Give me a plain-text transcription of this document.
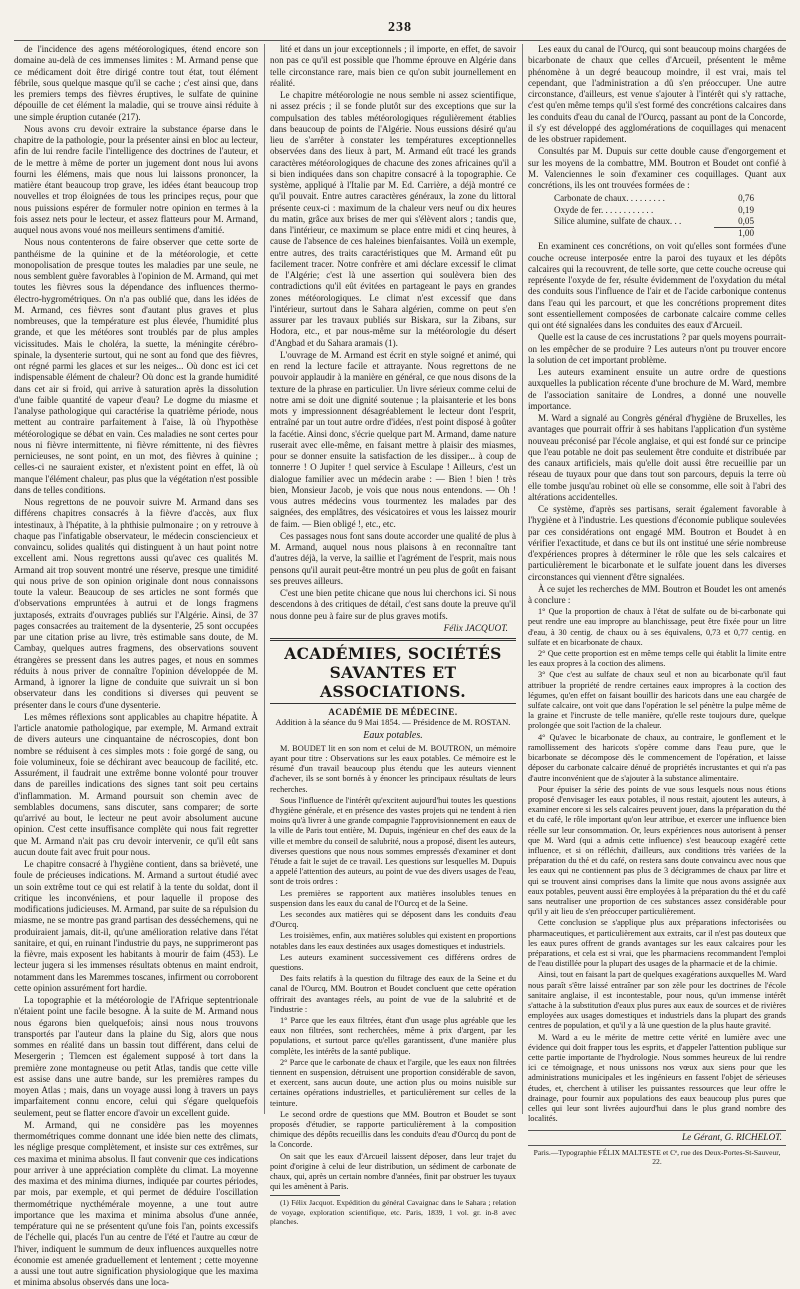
238

de l'incidence des agens météorologiques, étend encore son domaine au-delà de ces immenses limites : M. Armand pense que ce médicament doit être dirigé contre tout état, tout élément fébrile, sous quelque masque qu'il se cache ; c'est ainsi que, dans les premiers temps des fièvres éruptives, le sulfate de quinine dépouille de cet élément la maladie, qui se trouve ainsi réduite à une simple éruption cutanée (217).

Nous avons cru devoir extraire la substance éparse dans le chapitre de la pathologie, pour la présenter ainsi en bloc au lecteur, afin de lui rendre facile l'intelligence des doctrines de l'auteur, et de le mettre à même de porter un jugement dont nous lui avons fourni les élémens, mais que nous lui laissons prononcer, la matière étant beaucoup trop grave, les idées étant beaucoup trop nouvelles et trop éloignées de tous les principes reçus, pour que nous puissions espérer de formuler notre opinion en termes à la fois assez nets pour le lecteur, et assez flatteurs pour M. Armand, auquel nous avons voué nos meilleurs sentimens d'amitié.

Nous nous contenterons de faire observer que cette sorte de panthéisme de la quinine et de la météorologie, et cette monopolisation de presque toutes les maladies par une seule, ne nous semblent guère favorables à l'opinion de M. Armand, qui met toutes les fièvres sous la dépendance des influences thermo-électro-hygrométriques. On n'a pas oublié que, dans les idées de M. Armand, ces fièvres sont d'autant plus graves et plus nombreuses, que la température est plus élevée, l'humidité plus grande, et que les météores sont troublés par de plus amples vicissitudes. Mais le choléra, la suette, la méningite cérébro-spinale, la dysenterie surtout, qui ne sont au fond que des fièvres, ont régné parmi les glaces et sur les neiges... Où donc est ici cet indispensable élément de chaleur? Où donc est la grande humidité dans cet air si froid, qui arrive à saturation après la dissolution d'une faible quantité de vapeur d'eau? Le dogme du miasme et l'analyse pathologique qui caractérise la quatrième période, nous mettent au contraire parfaitement à l'aise, là où l'hypothèse météorologique se débat en vain. Ces maladies ne sont certes pour nous ni fièvre intermittente, ni fièvre rémittente, ni des fièvres pernicieuses, ne sont point, en un mot, des fièvres à quinine ; celles-ci ne sauraient exister, et n'existent point en effet, là où manque l'élément chaleur, pas plus que la végétation n'est possible dans de telles conditions.

Nous regrettons de ne pouvoir suivre M. Armand dans ses différens chapitres consacrés à la fièvre d'accès, aux flux intestinaux, à l'hépatite, à la phthisie pulmonaire ; on y retrouve à chaque pas l'infatigable observateur, le médecin consciencieux et convaincu, solides qualités qui distinguent à un haut point notre excellent ami. Nous regrettons aussi qu'avec ces qualités M. Armand ait trop souvent montré une réserve, presque une timidité qui nous prive de son opinion originale dont nous connaissons toute la valeur. Beaucoup de ses articles ne sont formés que d'observations empruntées à autrui et de longs fragmens juxtaposés, extraits d'ouvrages publiés sur l'Algérie. Ainsi, de 37 pages consacrées au traitement de la dysenterie, 25 sont occupées par une citation prise au livre, très estimable sans doute, de M. Cambay, quelques autres fragmens, des observations souvent étrangères se pressent dans les autres pages, et nous en sommes réduits à nous priver de connaître l'opinion développée de M. Armand, à ignorer la ligne de conduite que suivrait un si bon observateur dans les conditions si diverses qui peuvent se présenter dans le cours d'une dysenterie.

Les mêmes réflexions sont applicables au chapitre hépatite. À l'article anatomie pathologique, par exemple, M. Armand extrait de divers auteurs une cinquantaine de nécroscopies, dont bon nombre se réduisent à ces simples mots : foie gorgé de sang, ou foie volumineux, foie se déchirant avec beaucoup de facilité, etc. Assurément, il faudrait une extrême bonne volonté pour trouver dans de pareilles indications des signes tant soit peu certains d'inflammation. M. Armand poursuit son chemin avec de semblables documens, sans discuter, sans comparer; de sorte qu'arrivé au bout, le lecteur ne peut avoir absolument aucune opinion. C'est cette insuffisance complète qui nous fait regretter que M. Armand n'ait pas cru devoir intervenir, ce qu'il eût sans aucun doute fait avec fruit pour nous.

Le chapitre consacré à l'hygiène contient, dans sa brièveté, une foule de précieuses indications. M. Armand a surtout étudié avec un soin extrême tout ce qui est relatif à la tente du soldat, dont il critique les inconvéniens, et pour laquelle il propose des modifications judicieuses. M. Armand, par suite de sa répulsion du miasme, ne se montre pas grand partisan des desséchemens, qui ne produiraient jamais, dit-il, qu'une amélioration relative dans l'état sanitaire, et qui, en ruinant l'industrie du pays, ne supprimeront pas la fièvre, mais exposent les habitants à mourir de faim (453). Le lecteur jugera si les immenses résultats obtenus en maint endroit, notamment dans les Maremmes toscanes, infirment ou corroborent cette opinion assurément fort hardie.

La topographie et la météorologie de l'Afrique septentrionale n'étaient point une facile besogne. À la suite de M. Armand nous nous égarons bien quelquefois; ainsi nous nous trouvons transportés par l'auteur dans la plaine du Sig, alors que nous sommes en réalité dans un bassin tout différent, dans celui de Mesergerin ; Tlemcen est également supposé à tort dans la première zone montagneuse ou petit Atlas, tandis que cette ville est assise dans une autre bande, sur les premières rampes du moyen Atlas ; mais, dans un voyage aussi long à travers un pays imparfaitement connu encore, celui qui s'égare quelquefois seulement, peut se flatter encore d'avoir un excellent guide.

M. Armand, qui ne considère pas les moyennes thermométriques comme donnant une idée bien nette des climats, les néglige presque complètement, et insiste sur ces extrêmes, sur ces maxima et minima absolus. Il faut convenir que ces indications pour arriver à une appréciation complète du climat. La moyenne des maxima et des minima diurnes, indiquée par courtes périodes, par mois, par exemple, et qui permet de déduire l'oscillation thermométrique nycthémérale moyenne, a une tout autre importance que les maxima et minima absolus d'une année, température qui ne se présentent qu'une fois l'an, points excessifs de l'échelle qui, placés l'un au centre de l'été et l'autre au cœur de l'hiver, indiquent le summum de deux influences auxquelles notre économie est amenée graduellement et lentement ; cette moyenne a aussi une tout autre signification physiologique que les maxima et minima absolus observés dans une loca-

lité et dans un jour exceptionnels ; il importe, en effet, de savoir non pas ce qu'il est possible que l'homme éprouve en Algérie dans telle circonstance rare, mais bien ce qu'on subit journellement en réalité.

Le chapitre météorologie ne nous semble ni assez scientifique, ni assez précis ; il se fonde plutôt sur des exceptions que sur la compulsation des tables météorologiques régulièrement établies dans beaucoup de points de l'Algérie. Nous eussions désiré qu'au lieu de s'arrêter à constater les températures exceptionnelles observées dans des lieux à part, M. Armand eût tracé les grands caractères météorologiques de chacune des zones africaines qu'il a si bien indiquées dans son chapitre consacré à la topographie. Ce système, appliqué à l'Italie par M. Ed. Carrière, a déjà montré ce qu'il pouvait. Entre autres caractères généraux, la zone du littoral présente ceux-ci : maximum de la chaleur vers neuf ou dix heures du matin, grâce aux brises de mer qui s'élèvent alors ; tandis que, dans l'intérieur, ce maximum se place entre midi et cinq heures, à cause de l'absence de ces haleines bienfaisantes. Voilà un exemple, entre autres, des traits caractéristiques que M. Armand eût pu facilement tracer. Notre confrère et ami déclare excessif le climat de l'Algérie; c'est là une assertion qui soulèvera bien des contradictions qu'il eût évitées en partageant le pays en grandes zones météorologiques. Le climat n'est excessif que dans l'intérieur, surtout dans le Sahara algérien, comme on peut s'en assurer par les travaux publiés sur Biskara, sur la Zibans, sur Hodora, etc., et par nous-même sur la météorologie du désert d'Angbad et du Sahara aramais (1).

L'ouvrage de M. Armand est écrit en style soigné et animé, qui en rend la lecture facile et attrayante. Nous regrettons de ne pouvoir applaudir à la manière en général, ce que nous disons de la texture de la phrase en particulier. Un livre sérieux comme celui de notre ami se doit une dignité soutenue ; la plaisanterie et les bons mots y impressionnent désagréablement le lecteur dont l'esprit, entraîné par un tout autre ordre d'idées, n'est point disposé à goûter la facétie. Ainsi donc, s'écrie quelque part M. Armand, dame nature ruserait avec elle-même, en faisant mettre à plaisir des miasmes, pour se donner ensuite la satisfaction de les dissiper... à coup de tonnerre ! O Jupiter ! quel service à Esculape ! Ailleurs, c'est un dialogue familier avec un médecin arabe : — Bien ! bien ! très bien, Monsieur Jacob, je vois que nous nous entendons. — Oh ! vous autres médecins vous tourmentez les malades par des saignées, des emplâtres, des vésicatoires et vous les laissez mourir de faim. — Bien obligé !, etc., etc.

Ces passages nous font sans doute accorder une qualité de plus à M. Armand, auquel nous nous plaisons à en reconnaître tant d'autres déjà, la verve, la saillie et l'agrément de l'esprit, mais nous pensons qu'il aurait peut-être montré un peu plus de goût en faisant ses preuves ailleurs.

C'est une bien petite chicane que nous lui cherchons ici. Si nous descendons à des critiques de détail, c'est sans doute la preuve qu'il nous donne peu à faire sur de plus graves motifs.

Félix JACQUOT.
ACADÉMIES, SOCIÉTÉS SAVANTES ET ASSOCIATIONS.
ACADÉMIE DE MÉDECINE.
Addition à la séance du 9 Mai 1854. — Présidence de M. ROSTAN.
Eaux potables.

M. BOUDET lit en son nom et celui de M. BOUTRON, un mémoire ayant pour titre : Observations sur les eaux potables. Ce mémoire est le résumé d'un travail beaucoup plus étendu que les auteurs viennent d'achever, ils se sont bornés à y énoncer les principaux résultats de leurs recherches.

Sous l'influence de l'intérêt qu'excitent aujourd'hui toutes les questions d'hygiène générale, et en présence des vastes projets qui ne tendent à rien moins qu'à livrer à une grande compagnie l'approvisionnement en eaux de la ville de Paris tout entière, M. Dupuis, ingénieur en chef des eaux de la ville et membre du conseil de salubrité, nous a proposé, disent les auteurs, diverses questions que nous nous sommes empressés d'examiner et dont l'étude a fait le sujet de ce travail. Les questions sur lesquelles M. Dupuis a appelé l'attention des auteurs, au point de vue des divers usages de l'eau, sont de trois ordres :

Les premières se rapportent aux matières insolubles tenues en suspension dans les eaux du canal de l'Ourcq et de la Seine.

Les secondes aux matières qui se déposent dans les conduits d'eau d'Ourcq.

Les troisièmes, enfin, aux matières solubles qui existent en proportions notables dans les eaux destinées aux usages domestiques et industriels.

Les auteurs examinent successivement ces différens ordres de questions.

Des faits relatifs à la question du filtrage des eaux de la Seine et du canal de l'Ourcq, MM. Boutron et Boudet concluent que cette opération offrirait des avantages réels, au point de vue de la salubrité et de l'industrie :

1° Parce que les eaux filtrées, étant d'un usage plus agréable que les eaux non filtrées, sont recherchées, même à prix d'argent, par les populations, et surtout parce qu'elles garantissent, d'une manière plus complète, les intérêts de la santé publique.

2° Parce que le carbonate de chaux et l'argile, que les eaux non filtrées tiennent en suspension, détruisent une proportion considérable de savon, et exercent, sans aucun doute, une action plus ou moins nuisible sur certaines opérations industrielles, et particulièrement sur celles de la teinture.

Le second ordre de questions que MM. Boutron et Boudet se sont proposés d'étudier, se rapporte particulièrement à la composition chimique des dépôts recueillis dans les conduits d'eau d'Ourcq du pont de la Concorde.

On sait que les eaux d'Arcueil laissent déposer, dans leur trajet du point d'origine à celui de leur distribution, un sédiment de carbonate de chaux, qui, après un certain nombre d'années, finit par obstruer les tuyaux qui les amènent à Paris.

(1) Félix Jacquot. Expédition du général Cavaignac dans le Sahara ; relation de voyage, exploration scientifique, etc. Paris, 1839, 1 vol. gr. in-8 avec planches.

Les eaux du canal de l'Ourcq, qui sont beaucoup moins chargées de bicarbonate de chaux que celles d'Arcueil, présentent le même phénomène à un degré beaucoup moindre, il est vrai, mais tel cependant, que l'administration a dû s'en préoccuper. Une autre circonstance, d'ailleurs, est venue s'ajouter à l'intérêt qui s'y rattache, c'est qu'en même temps qu'il s'est formé des concrétions calcaires dans les conduits d'eau du canal de l'Ourcq, passant au pont de la Concorde, il s'y est développé des agglomérations de coquillages qui menacent de les obstruer rapidement.

Consultés par M. Dupuis sur cette double cause d'engorgement et sur les moyens de la combattre, MM. Boutron et Boudet ont confié à M. Valenciennes le soin d'examiner ces coquillages. Quant aux concrétions, ils les ont trouvées formées de :

Carbonate de chaux. . . . . . . . .	0,76
Oxyde de fer. . . . . . . . . . . .	0,19
Silice alumine, sulfate de chaux. . .	0,05
1,00

En examinent ces concrétions, on voit qu'elles sont formées d'une couche ocreuse interposée entre la paroi des tuyaux et les dépôts calcaires qui la recouvrent, de telle sorte, que cette couche ocreuse qui représente l'oxyde de fer, résulte évidemment de l'oxydation du métal des conduits sous l'influence de l'air et de l'acide carbonique contenus dans l'eau qui les parcourt, et que les concrétions proprement dites sont essentiellement composées de carbonate calcaire comme celles qui ont été signalées dans les conduites des eaux d'Arcueil.

Quelle est la cause de ces incrustations ? par quels moyens pourrait-on les empêcher de se produire ? Les auteurs n'ont pu trouver encore la solution de cet important problème.

Les auteurs examinent ensuite un autre ordre de questions auxquelles la publication récente d'une brochure de M. Ward, membre de l'association sanitaire de Londres, a donné une nouvelle importance.

M. Ward a signalé au Congrès général d'hygiène de Bruxelles, les avantages que pourrait offrir à ses habitans l'application d'un système nouveau préconisé par l'école anglaise, et qui est fondé sur ce principe que l'eau potable ne doit pas seulement être conduite et distribuée par des canaux artificiels, mais qu'elle doit aussi être recueillie par un réseau de tuyaux pour que dans tout son parcours, depuis la terre où elle tombe jusqu'au robinet où elle se consomme, elle soit à l'abri des altérations accidentelles.

Ce système, d'après ses partisans, serait également favorable à l'hygiène et à l'industrie. Les questions d'économie publique soulevées par ces considérations ont engagé MM. Boutron et Boudet à en vérifier l'exactitude, et dans ce but ils ont institué une série nombreuse d'expériences propres à déterminer le rôle que les sels calcaires et particulièrement le bicarbonate et le sulfate jouent dans les diverses circonstances qui viennent d'être signalées.

À ce sujet les recherches de MM. Boutron et Boudet les ont amenés à conclure :

1° Que la proportion de chaux à l'état de sulfate ou de bi-carbonate qui peut rendre une eau impropre au blanchissage, peut être fixée pour un litre d'eau, à 30 centig. de chaux ou à ses équivalens, 0,73 et 0,77 centig. en sulfate et en bicarbonate de chaux.

2° Que cette proportion est en même temps celle qui établit la limite entre les eaux propres à la coction des alimens.

3° Que c'est au sulfate de chaux seul et non au bicarbonate qu'il faut attribuer la propriété de rendre certaines eaux impropres à la coction des légumes, qu'en effet on faisant bouillir des haricots dans une eau chargée de sulfate calcaire, ont voit que dans l'opération le sel pénètre la pulpe même de la graine et l'incruste de telle manière, qu'elle reste toujours dure, quelque prolongée que soit l'action de la chaleur.

4° Qu'avec le bicarbonate de chaux, au contraire, le gonflement et le ramollissement des haricots s'opère comme dans l'eau pure, que le bicarbonate se décompose dès le commencement de l'opération, et laisse déposer du carbonate calcaire dénué de propriétés incrustantes et qui n'a pas d'autre inconvénient que de s'ajouter à la substance alimentaire.

Pour épuiser la série des points de vue sous lesquels nous nous étions proposé d'envisager les eaux potables, il nous restait, ajoutent les auteurs, à examiner encore si les sels calcaires peuvent jouer, dans la préparation du thé et du café, le rôle important qu'on leur attribue, et exercer une influence bien réelle sur leur consommation. Or, leurs expériences nous autorisent à penser que M. Ward (qui a admis cette influence) s'est beaucoup exagéré cette influence, et si on réfléchit, d'ailleurs, aux conditions très variées de la préparation du thé et du café, on restera sans doute convaincu avec nous que les eaux qui ne contiennent pas plus de 3 décigrammes de chaux par litre et qui se trouvent ainsi comprises dans la limite que nous avons assignée aux eaux potables, peuvent aussi être employées à la préparation du thé et du café sans neutraliser une proportion de ces substances assez considérable pour qu'il y ait lieu de s'en préoccuper particulièrement.

Cette conclusion se s'applique plus aux préparations infectorisées ou pharmaceutiques, et particulièrement aux extraits, car il n'est pas douteux que les eaux pures offrent de grands avantages sur les eaux calcaires pour les préparations, et cela est si vrai, que les pharmaciens recommandent l'emploi de l'eau distillée pour la plupart des usages de la pharmacie et de la chimie.

Ainsi, tout en faisant la part de quelques exagérations auxquelles M. Ward nous paraît s'être laissé entraîner par son zèle pour les doctrines de l'école sanitaire anglaise, il est incontestable, pour nous, qu'un immense intérêt s'attache à la substitution d'eaux plus pures aux eaux de sources et de rivières employées aux usages domestiques et industriels dans la plupart des grands centres de population, et qu'il y a là une question de la plus haute gravité.

M. Ward a eu le mérite de mettre cette vérité en lumière avec une évidence qui doit frapper tous les esprits, et d'appeler l'attention publique sur cette partie importante de l'hydrologie. Nous sommes heureux de lui rendre ici ce témoignage, et nous unissons nos vœux aux siens pour que les administrations municipales et les ingénieurs en fassent l'objet de sérieuses études, et, cherchent à utiliser les puissantes ressources que leur offre le drainage, pour fournir aux populations des eaux beaucoup plus pures que celles qui leur sont livrées aujourd'hui dans le plus grand nombre des localités.

Le Gérant, G. RICHELOT.
Paris.—Typographie FÉLIX MALTESTE et Cᵉ, rue des Deux-Portes-St-Sauveur, 22.
